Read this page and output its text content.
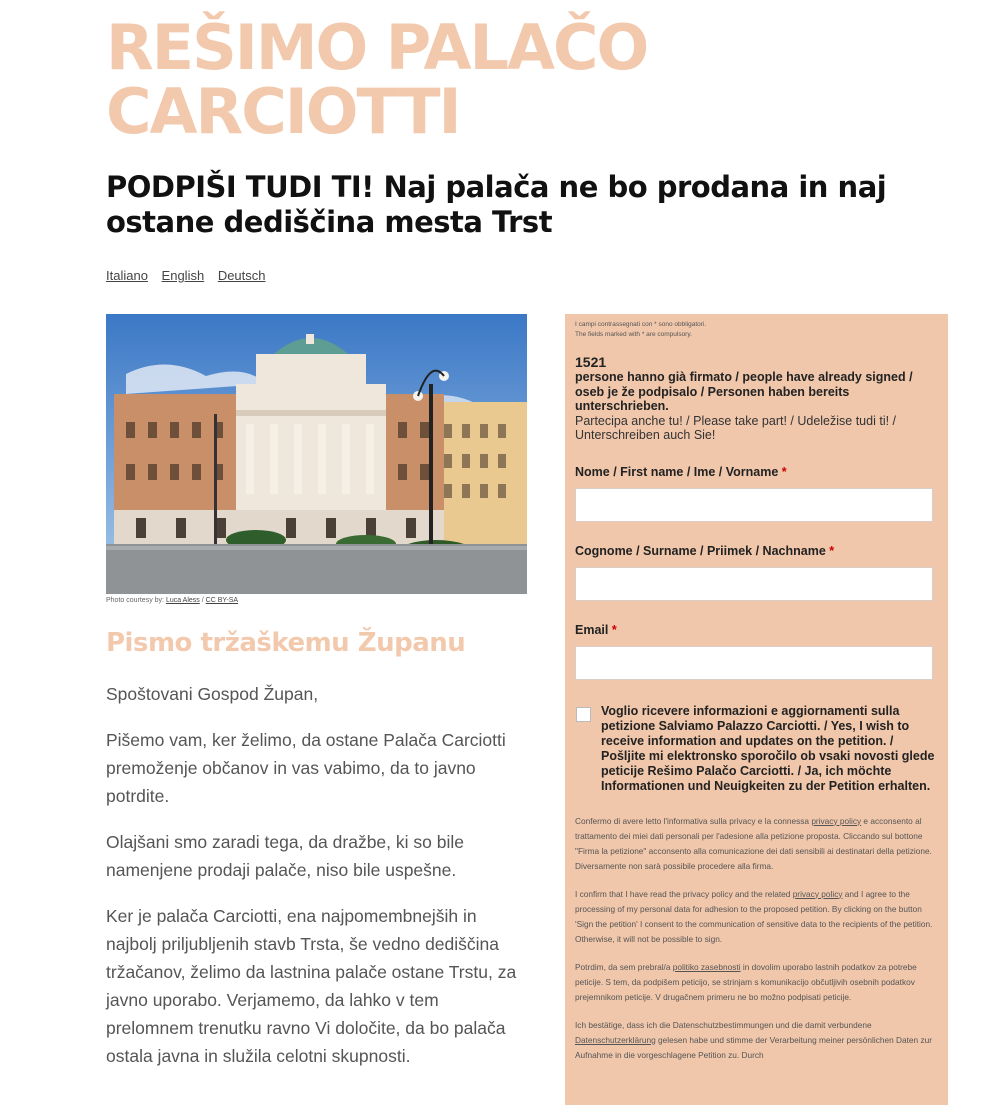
REŠIMO PALAČO
CARCIOTTI
PODPIŠI TUDI TI! Naj palača ne bo prodana in naj ostane dediščina mesta Trst
Italiano English Deutsch
Photo courtesy by: Luca Aless / CC BY-SA
Pismo tržaškemu Županu

Spoštovani Gospod Župan,

Pišemo vam, ker želimo, da ostane Palača Carciotti premoženje občanov in vas vabimo, da to javno potrdite.

Olajšani smo zaradi tega, da dražbe, ki so bile namenjene prodaji palače, niso bile uspešne.

Ker je palača Carciotti, ena najpomembnejših in najbolj priljubljenih stavb Trsta, še vedno dediščina tržačanov, želimo da lastnina palače ostane Trstu, za javno uporabo. Verjamemo, da lahko v tem prelomnem trenutku ravno Vi določite, da bo palača ostala javna in služila celotni skupnosti.

I campi contrassegnati con * sono obbligatori.
The fields marked with * are compulsory.
1521
persone hanno già firmato / people have already signed / oseb je že podpisalo / Personen haben bereits unterschrieben.
Partecipa anche tu! / Please take part! / Udeležise tudi ti! / Unterschreiben auch Sie!
Nome / First name / Ime / Vorname *
Cognome / Surname / Priimek / Nachname *
Email *
Voglio ricevere informazioni e aggiornamenti sulla petizione Salviamo Palazzo Carciotti. / Yes, I wish to receive information and updates on the petition. / Pošljite mi elektronsko sporočilo ob vsaki novosti glede peticije Rešimo Palačo Carciotti. / Ja, ich möchte Informationen und Neuigkeiten zu der Petition erhalten.

Confermo di avere letto l'informativa sulla privacy e la connessa privacy policy e acconsento al trattamento dei miei dati personali per l'adesione alla petizione proposta. Cliccando sul bottone "Firma la petizione" acconsento alla comunicazione dei dati sensibili ai destinatari della petizione. Diversamente non sarà possibile procedere alla firma.

I confirm that I have read the privacy policy and the related privacy policy and I agree to the processing of my personal data for adhesion to the proposed petition. By clicking on the button 'Sign the petition' I consent to the communication of sensitive data to the recipients of the petition. Otherwise, it will not be possible to sign.

Potrdim, da sem prebral/a politiko zasebnosti in dovolim uporabo lastnih podatkov za potrebe peticije. S tem, da podpišem peticijo, se strinjam s komunikacijo občutljivih osebnih podatkov prejemnikom peticije. V drugačnem primeru ne bo možno podpisati peticije.

Ich bestätige, dass ich die Datenschutzbestimmungen und die damit verbundene Datenschutzerklärung gelesen habe und stimme der Verarbeitung meiner persönlichen Daten zur Aufnahme in die vorgeschlagene Petition zu. Durch
